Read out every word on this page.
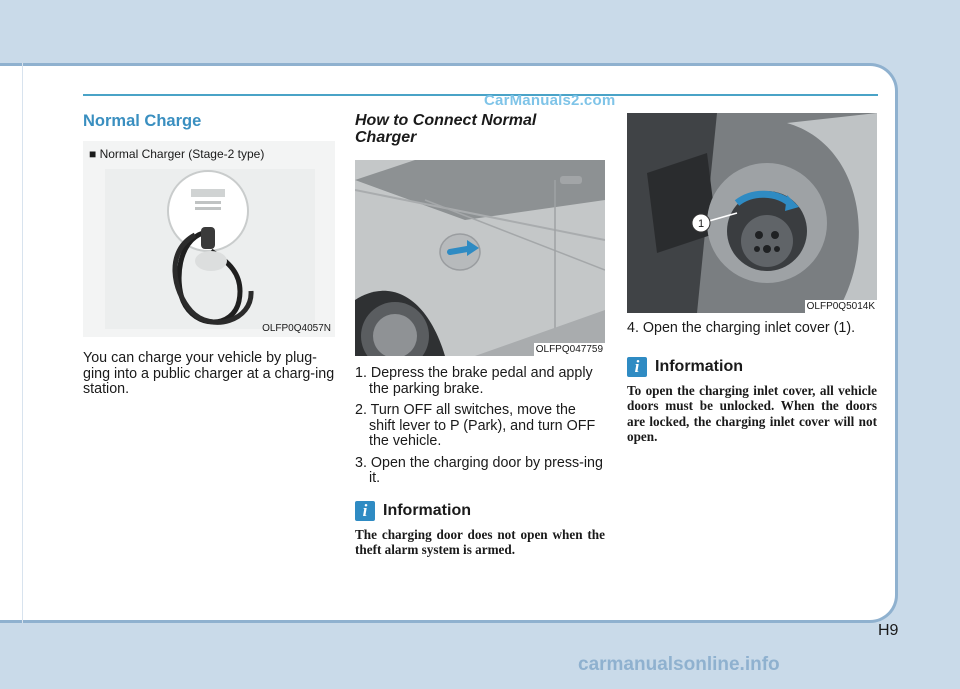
CarManuals2.com
Normal Charge
■ Normal Charger (Stage-2 type)
OLFP0Q4057N
You can charge your vehicle by plug-ging into a public charger at a charg-ing station.
How to Connect Normal Charger
OLFPQ047759
1. Depress the brake pedal and apply the parking brake.
2. Turn OFF all switches, move the shift lever to P (Park), and turn OFF the vehicle.
3. Open the charging door by press-ing it.
i Information
The charging door does not open when the theft alarm system is armed.
1
OLFP0Q5014K
4. Open the charging inlet cover (1).
i Information
To open the charging inlet cover, all vehicle doors must be unlocked. When the doors are locked, the charging inlet cover will not open.
H9
carmanualsonline.info
